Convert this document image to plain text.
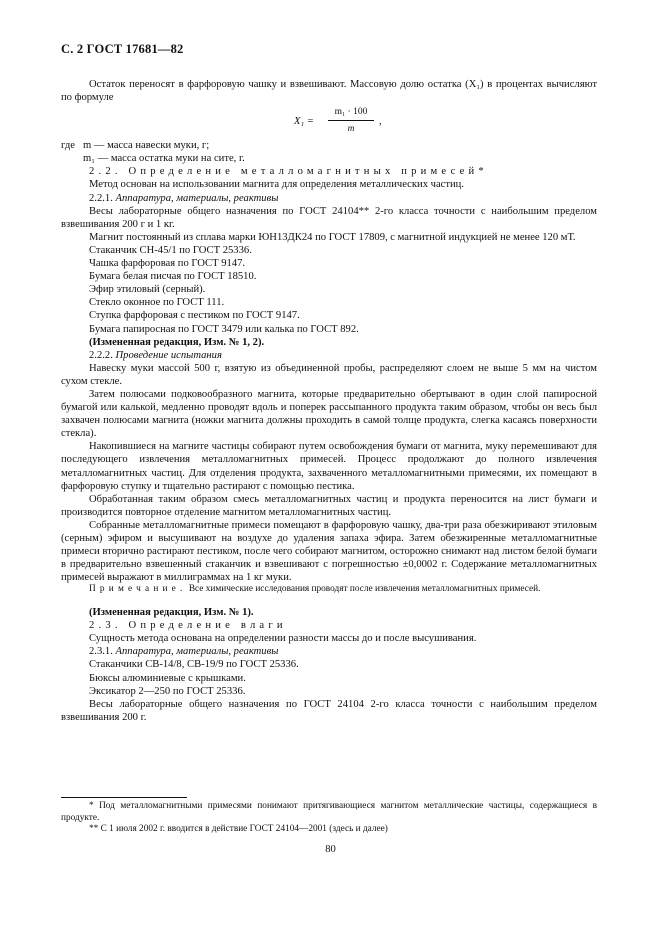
С. 2 ГОСТ 17681—82

Остаток переносят в фарфоровую чашку и взвешивают. Массовую долю остатка (X₁) в процентах вычисляют по формуле

$X_1 = \frac{\text{m₁ · 100}}{m}$ ,

где m — масса навески муки, г;

m₁ — масса остатка муки на сите, г.

2.2. Определение металломагнитных примесей*

Метод основан на использовании магнита для определения металлических частиц.

2.2.1. Аппаратура, материалы, реактивы

Весы лабораторные общего назначения по ГОСТ 24104** 2-го класса точности с наибольшим пределом взвешивания 200 г и 1 кг.

Магнит постоянный из сплава марки ЮН13ДК24 по ГОСТ 17809, с магнитной индукцией не менее 120 мТ.

Стаканчик СН-45/1 по ГОСТ 25336.

Чашка фарфоровая по ГОСТ 9147.

Бумага белая писчая по ГОСТ 18510.

Эфир этиловый (серный).

Стекло оконное по ГОСТ 111.

Ступка фарфоровая с пестиком по ГОСТ 9147.

Бумага папиросная по ГОСТ 3479 или калька по ГОСТ 892.

(Измененная редакция, Изм. № 1, 2).

2.2.2. Проведение испытания

Навеску муки массой 500 г, взятую из объединенной пробы, распределяют слоем не выше 5 мм на чистом сухом стекле.

Затем полюсами подковообразного магнита, которые предварительно обертывают в один слой папиросной бумагой или калькой, медленно проводят вдоль и поперек рассыпанного продукта таким образом, чтобы он весь был захвачен полюсами магнита (ножки магнита должны проходить в самой толще продукта, слегка касаясь поверхности стекла).

Накопившиеся на магните частицы собирают путем освобождения бумаги от магнита, муку перемешивают для последующего извлечения металломагнитных примесей. Процесс продолжают до полного извлечения металломагнитных частиц. Для отделения продукта, захваченного металломагнитными примесями, их помещают в фарфоровую ступку и тщательно растирают с помощью пестика.

Обработанная таким образом смесь металломагнитных частиц и продукта переносится на лист бумаги и производится повторное отделение магнитом металломагнитных частиц.

Собранные металломагнитные примеси помещают в фарфоровую чашку, два-три раза обезжиривают этиловым (серным) эфиром и высушивают на воздухе до удаления запаха эфира. Затем обезжиренные металломагнитные примеси вторично растирают пестиком, после чего собирают магнитом, осторожно снимают над листом белой бумаги в предварительно взвешенный стаканчик и взвешивают с погрешностью ±0,0002 г. Содержание металломагнитных примесей выражают в миллиграммах на 1 кг муки.

Примечание. Все химические исследования проводят после извлечения металломагнитных примесей.

(Измененная редакция, Изм. № 1).

2.3. Определение влаги

Сущность метода основана на определении разности массы до и после высушивания.

2.3.1. Аппаратура, материалы, реактивы

Стаканчики СВ-14/8, СВ-19/9 по ГОСТ 25336.

Бюксы алюминиевые с крышками.

Эксикатор 2—250 по ГОСТ 25336.

Весы лабораторные общего назначения по ГОСТ 24104 2-го класса точности с наибольшим пределом взвешивания 200 г.

* Под металломагнитными примесями понимают притягивающиеся магнитом металлические частицы, содержащиеся в продукте.

** С 1 июля 2002 г. вводится в действие ГОСТ 24104—2001 (здесь и далее)

80
